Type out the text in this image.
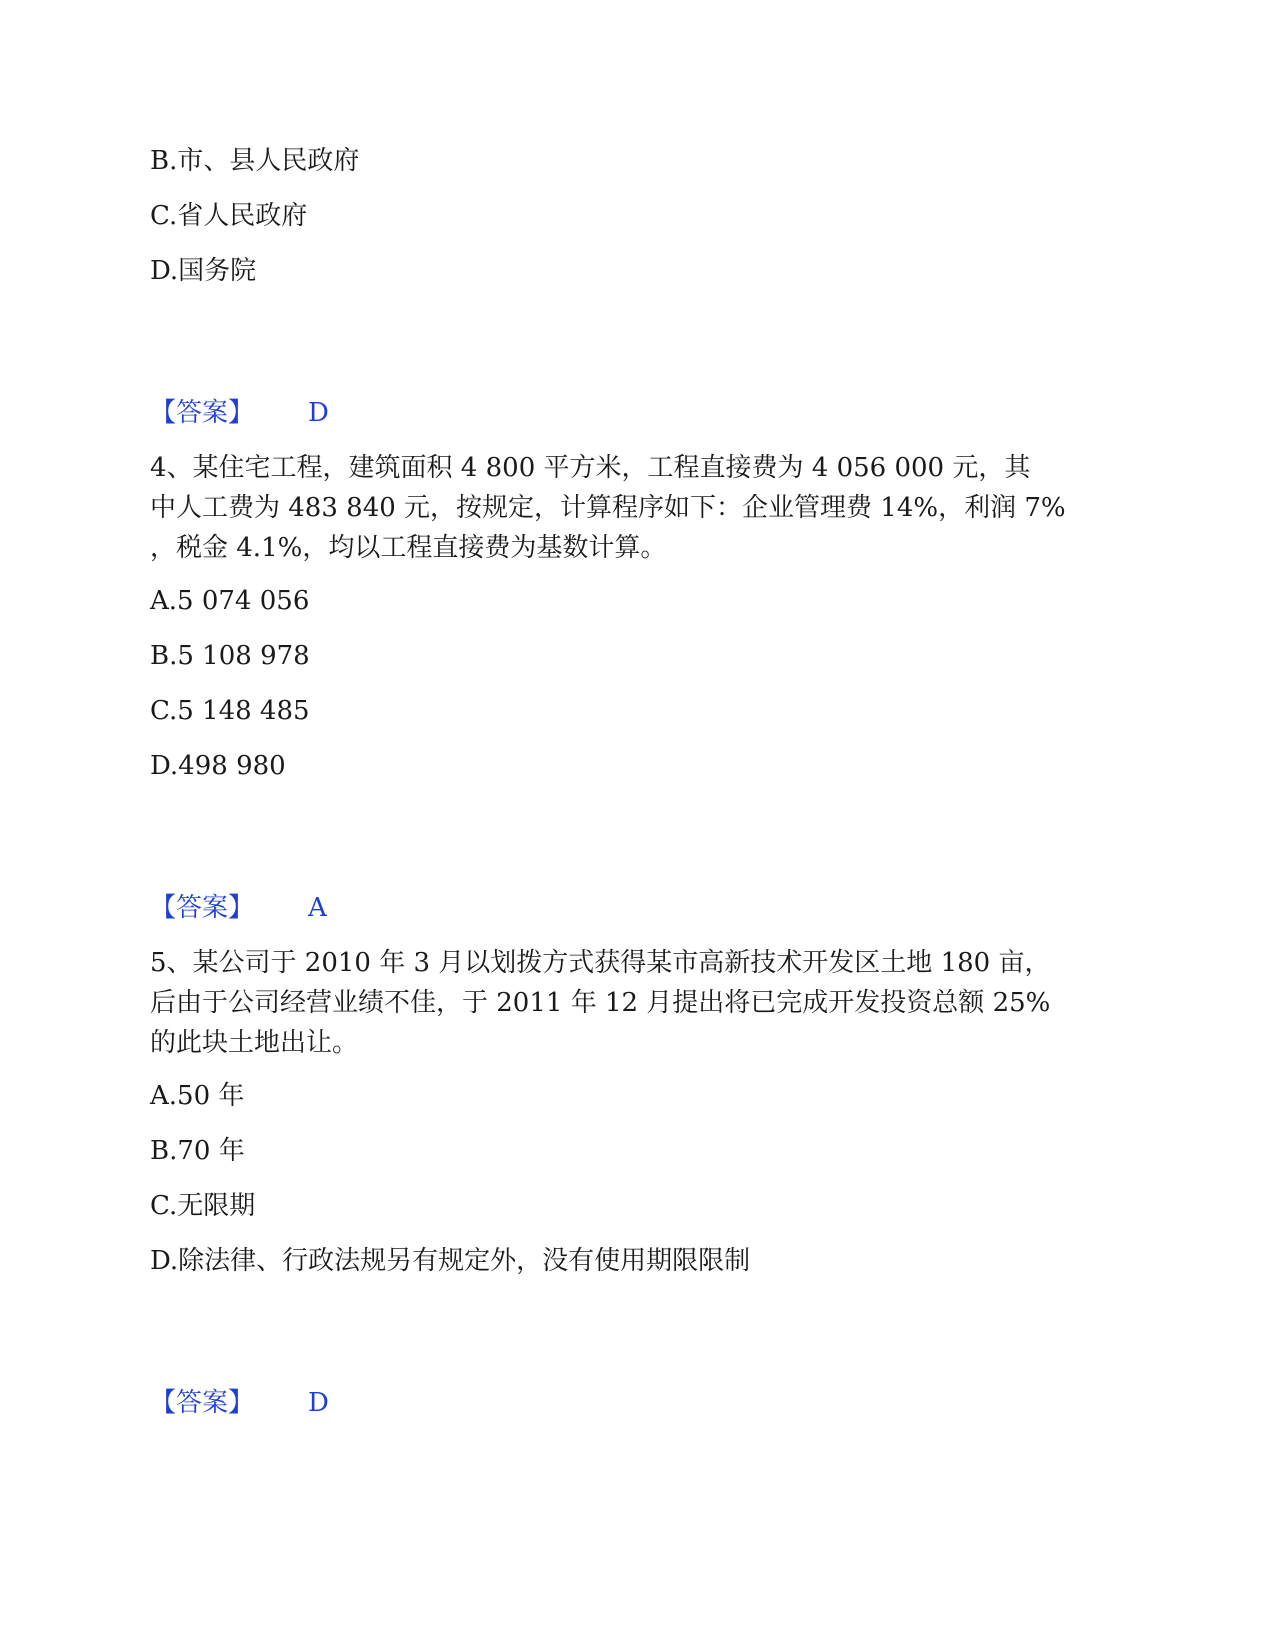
B.市、县人民政府
C.省人民政府
D.国务院
【答案】 D
4、某住宅工程，建筑面积 4 800 平方米，工程直接费为 4 056 000 元，其
中人工费为 483 840 元，按规定，计算程序如下：企业管理费 14%，利润 7%
，税金 4.1%，均以工程直接费为基数计算。
A.5 074 056
B.5 108 978
C.5 148 485
D.498 980
【答案】 A
5、某公司于 2010 年 3 月以划拨方式获得某市高新技术开发区土地 180 亩，
后由于公司经营业绩不佳，于 2011 年 12 月提出将已完成开发投资总额 25%
的此块土地出让。
A.50 年
B.70 年
C.无限期
D.除法律、行政法规另有规定外，没有使用期限限制
【答案】 D
